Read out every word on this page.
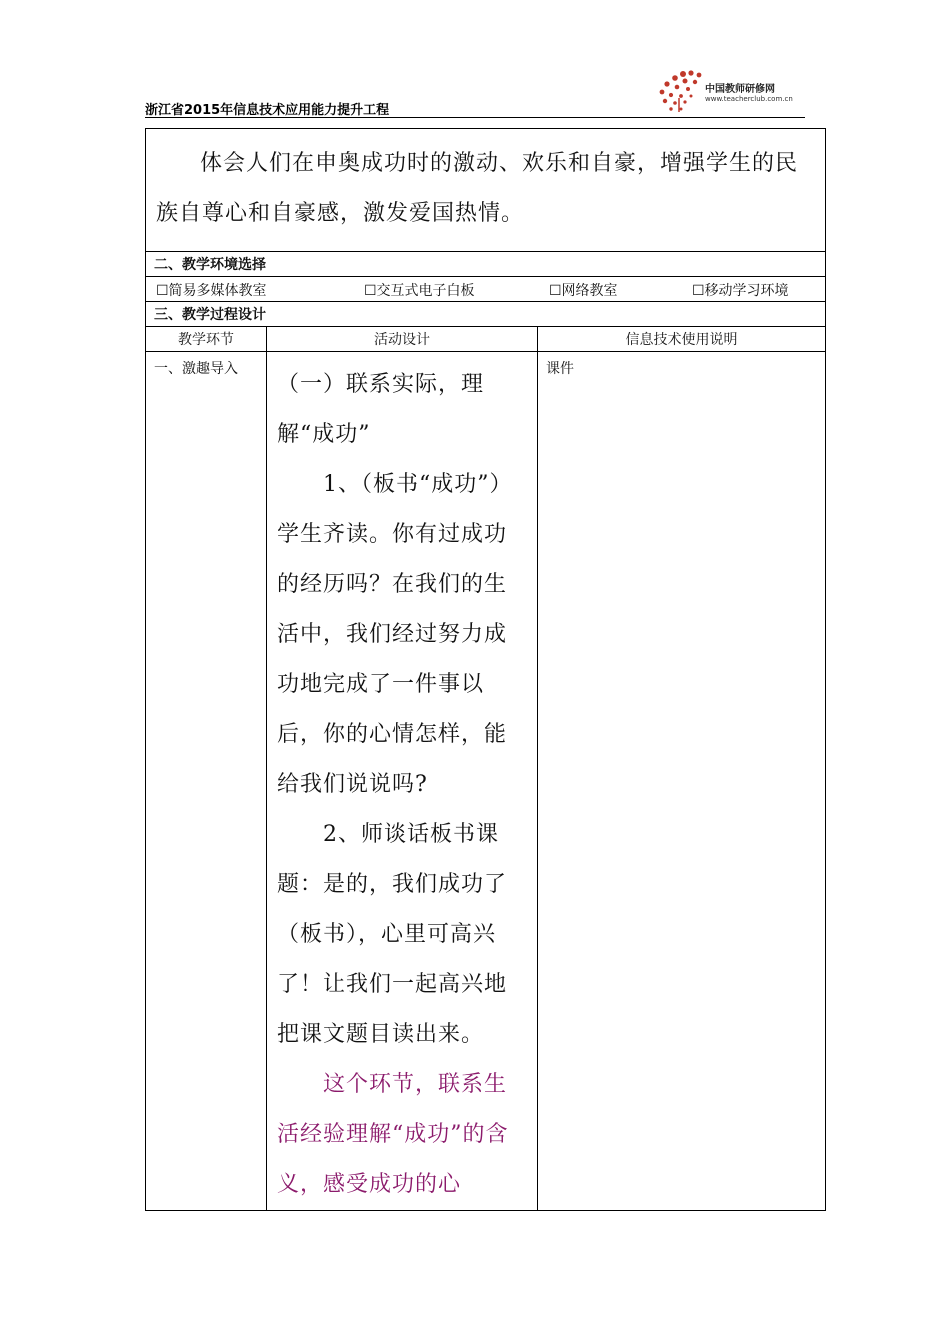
浙江省2015年信息技术应用能力提升工程
中国教师研修网
www.teacherclub.com.cn

体会人们在申奥成功时的激动、欢乐和自豪，增强学生的民族自尊心和自豪感，激发爱国热情。		

二、教学环境选择		

☐简易多媒体教室 ☐交互式电子白板 ☐网络教室 ☐移动学习环境		

三、教学过程设计		
教学环节	活动设计	信息技术使用说明
一、激趣导入	（一）联系实际，理解“成功”

1、（板书“成功”）学生齐读。你有过成功的经历吗？在我们的生活中，我们经过努力成功地完成了一件事以后，你的心情怎样，能给我们说说吗?

2、师谈话板书课题：是的，我们成功了（板书），心里可高兴了！让我们一起高兴地把课文题目读出来。

这个环节，联系生活经验理解“成功”的含义，感受成功的心	课件
